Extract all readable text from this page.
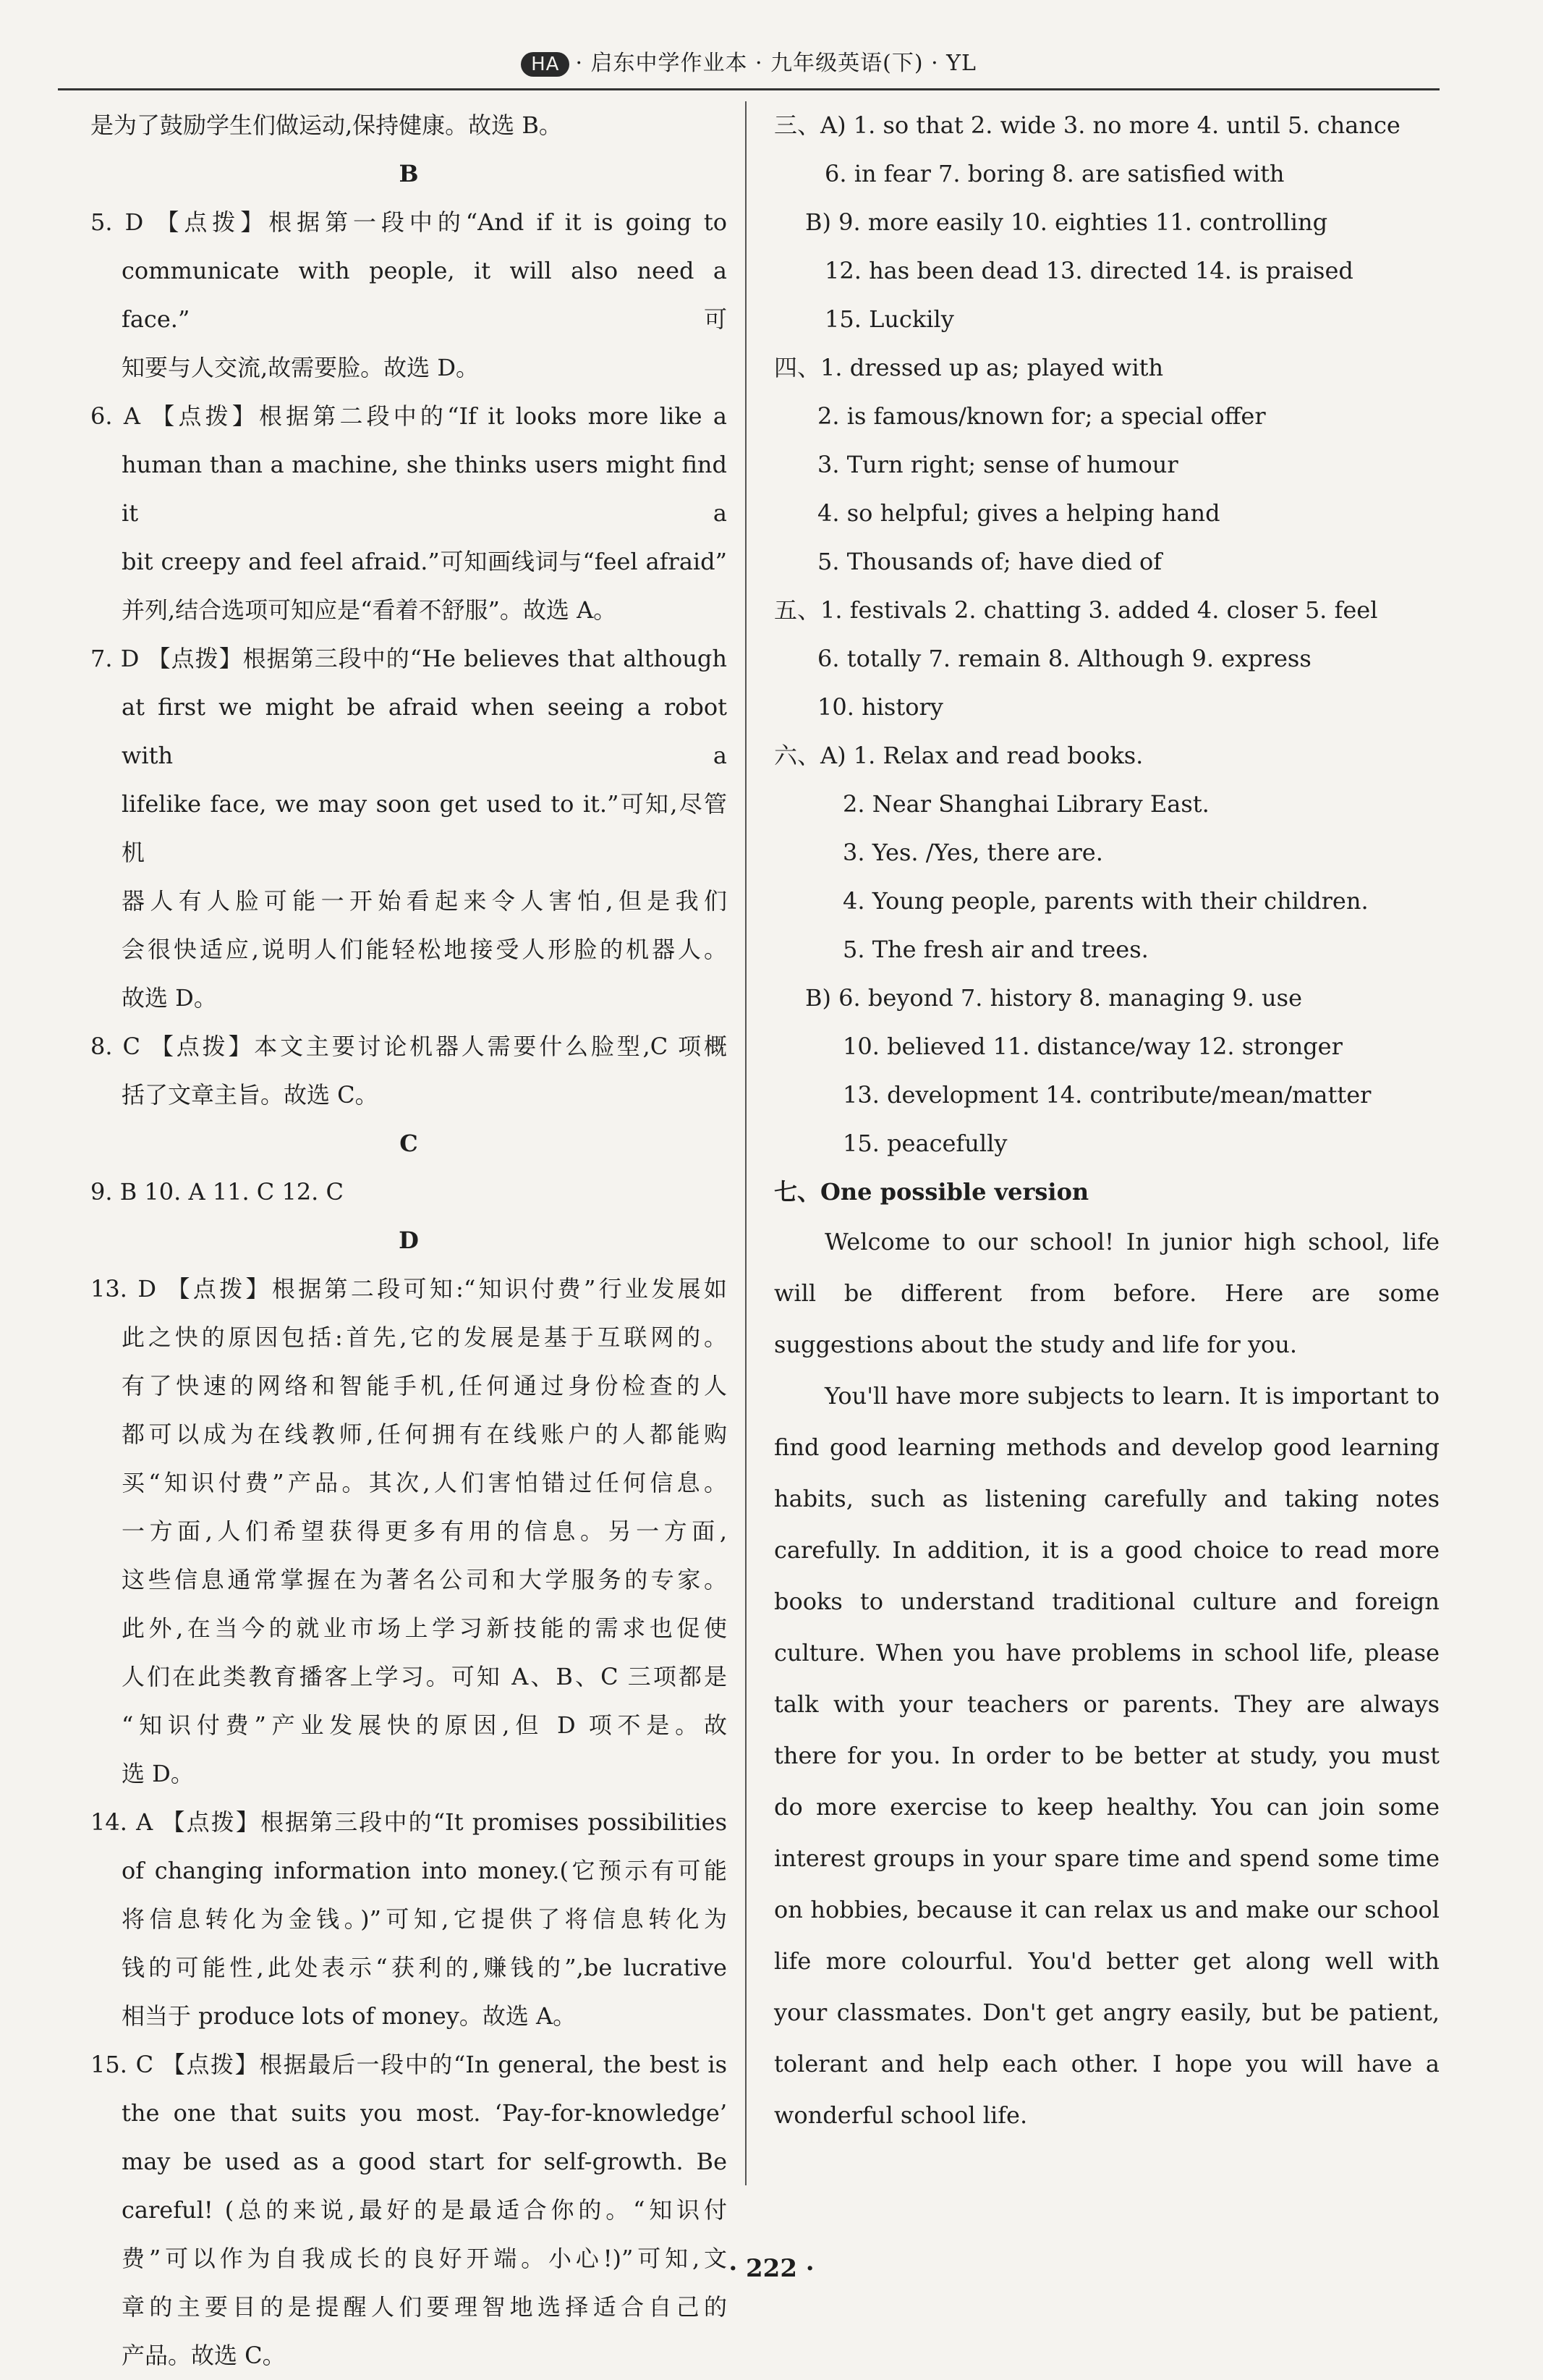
HA · 启东中学作业本 · 九年级英语(下) · YL
是为了鼓励学生们做运动,保持健康。故选 B。
B
5. D 【点拨】根据第一段中的“And if it is going to
communicate with people, it will also need a face.”可
知要与人交流,故需要脸。故选 D。
6. A 【点拨】根据第二段中的“If it looks more like a
human than a machine, she thinks users might find it a
bit creepy and feel afraid.”可知画线词与“feel afraid”
并列,结合选项可知应是“看着不舒服”。故选 A。
7. D 【点拨】根据第三段中的“He believes that although
at first we might be afraid when seeing a robot with a
lifelike face, we may soon get used to it.”可知,尽管机
器人有人脸可能一开始看起来令人害怕,但是我们
会很快适应,说明人们能轻松地接受人形脸的机器人。
故选 D。
8. C 【点拨】本文主要讨论机器人需要什么脸型,C 项概
括了文章主旨。故选 C。
C
9. B 10. A 11. C 12. C
D
13. D 【点拨】根据第二段可知:“知识付费”行业发展如
此之快的原因包括:首先,它的发展是基于互联网的。
有了快速的网络和智能手机,任何通过身份检查的人
都可以成为在线教师,任何拥有在线账户的人都能购
买“知识付费”产品。其次,人们害怕错过任何信息。
一方面,人们希望获得更多有用的信息。另一方面,
这些信息通常掌握在为著名公司和大学服务的专家。
此外,在当今的就业市场上学习新技能的需求也促使
人们在此类教育播客上学习。可知 A、B、C 三项都是
“知识付费”产业发展快的原因,但 D 项不是。故
选 D。
14. A 【点拨】根据第三段中的“It promises possibilities
of changing information into money.(它预示有可能
将信息转化为金钱。)”可知,它提供了将信息转化为
钱的可能性,此处表示“获利的,赚钱的”,be lucrative
相当于 produce lots of money。故选 A。
15. C 【点拨】根据最后一段中的“In general, the best is
the one that suits you most. ‘Pay-for-knowledge’
may be used as a good start for self-growth. Be
careful! (总的来说,最好的是最适合你的。“知识付
费”可以作为自我成长的良好开端。小心!)”可知,文
章的主要目的是提醒人们要理智地选择适合自己的
产品。故选 C。
三、A) 1. so that 2. wide 3. no more 4. until 5. chance
6. in fear 7. boring 8. are satisfied with
B) 9. more easily 10. eighties 11. controlling
12. has been dead 13. directed 14. is praised
15. Luckily
四、1. dressed up as; played with
2. is famous/known for; a special offer
3. Turn right; sense of humour
4. so helpful; gives a helping hand
5. Thousands of; have died of
五、1. festivals 2. chatting 3. added 4. closer 5. feel
6. totally 7. remain 8. Although 9. express
10. history
六、A) 1. Relax and read books.
2. Near Shanghai Library East.
3. Yes. /Yes, there are.
4. Young people, parents with their children.
5. The fresh air and trees.
B) 6. beyond 7. history 8. managing 9. use
10. believed 11. distance/way 12. stronger
13. development 14. contribute/mean/matter
15. peacefully
七、One possible version
Welcome to our school! In junior high school, life will be different from before. Here are some suggestions about the study and life for you.
You'll have more subjects to learn. It is important to find good learning methods and develop good learning habits, such as listening carefully and taking notes carefully. In addition, it is a good choice to read more books to understand traditional culture and foreign culture. When you have problems in school life, please talk with your teachers or parents. They are always there for you. In order to be better at study, you must do more exercise to keep healthy. You can join some interest groups in your spare time and spend some time on hobbies, because it can relax us and make our school life more colourful. You'd better get along well with your classmates. Don't get angry easily, but be patient, tolerant and help each other. I hope you will have a wonderful school life.
· 222 ·
